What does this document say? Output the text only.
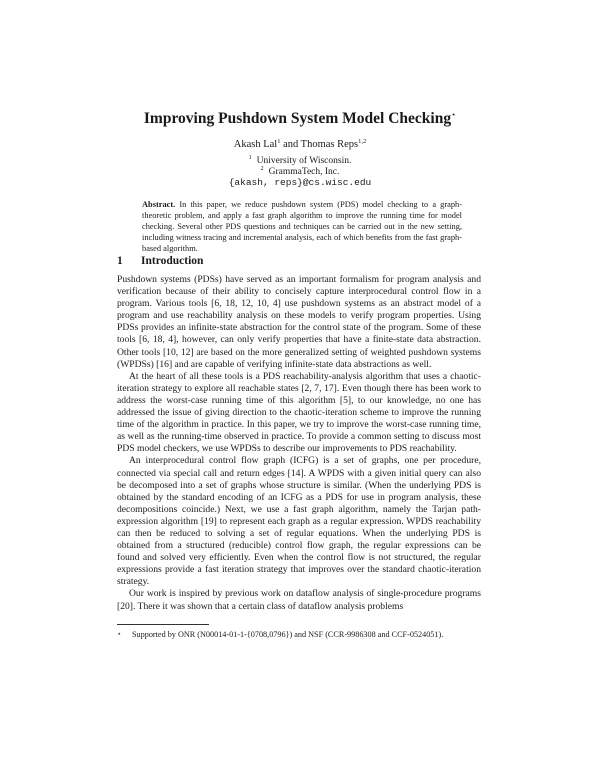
Improving Pushdown System Model Checking⋆
Akash Lal$^1$ and Thomas Reps$^{1,2}$
$^1$ University of Wisconsin.
$^2$ GrammaTech, Inc.
{akash, reps}@cs.wisc.edu
Abstract. In this paper, we reduce pushdown system (PDS) model checking to a graph-theoretic problem, and apply a fast graph algorithm to improve the running time for model checking. Several other PDS questions and techniques can be carried out in the new setting, including witness tracing and incremental analysis, each of which benefits from the fast graph-based algorithm.
1 Introduction

Pushdown systems (PDSs) have served as an important formalism for program analysis and verification because of their ability to concisely capture interprocedural control flow in a program. Various tools [6, 18, 12, 10, 4] use pushdown systems as an abstract model of a program and use reachability analysis on these models to verify program properties. Using PDSs provides an infinite-state abstraction for the control state of the program. Some of these tools [6, 18, 4], however, can only verify properties that have a finite-state data abstraction. Other tools [10, 12] are based on the more generalized setting of weighted pushdown systems (WPDSs) [16] and are capable of verifying infinite-state data abstractions as well.

At the heart of all these tools is a PDS reachability-analysis algorithm that uses a chaotic-iteration strategy to explore all reachable states [2, 7, 17]. Even though there has been work to address the worst-case running time of this algorithm [5], to our knowledge, no one has addressed the issue of giving direction to the chaotic-iteration scheme to improve the running time of the algorithm in practice. In this paper, we try to improve the worst-case running time, as well as the running-time observed in practice. To provide a common setting to discuss most PDS model checkers, we use WPDSs to describe our improvements to PDS reachability.

An interprocedural control flow graph (ICFG) is a set of graphs, one per procedure, connected via special call and return edges [14]. A WPDS with a given initial query can also be decomposed into a set of graphs whose structure is similar. (When the underlying PDS is obtained by the standard encoding of an ICFG as a PDS for use in program analysis, these decompositions coincide.) Next, we use a fast graph algorithm, namely the Tarjan path-expression algorithm [19] to represent each graph as a regular expression. WPDS reachability can then be reduced to solving a set of regular equations. When the underlying PDS is obtained from a structured (reducible) control flow graph, the regular expressions can be found and solved very efficiently. Even when the control flow is not structured, the regular expressions provide a fast iteration strategy that improves over the standard chaotic-iteration strategy.

Our work is inspired by previous work on dataflow analysis of single-procedure programs [20]. There it was shown that a certain class of dataflow analysis problems

⋆	Supported by ONR (N00014-01-1-{0708,0796}) and NSF (CCR-9986308 and CCF-0524051).
